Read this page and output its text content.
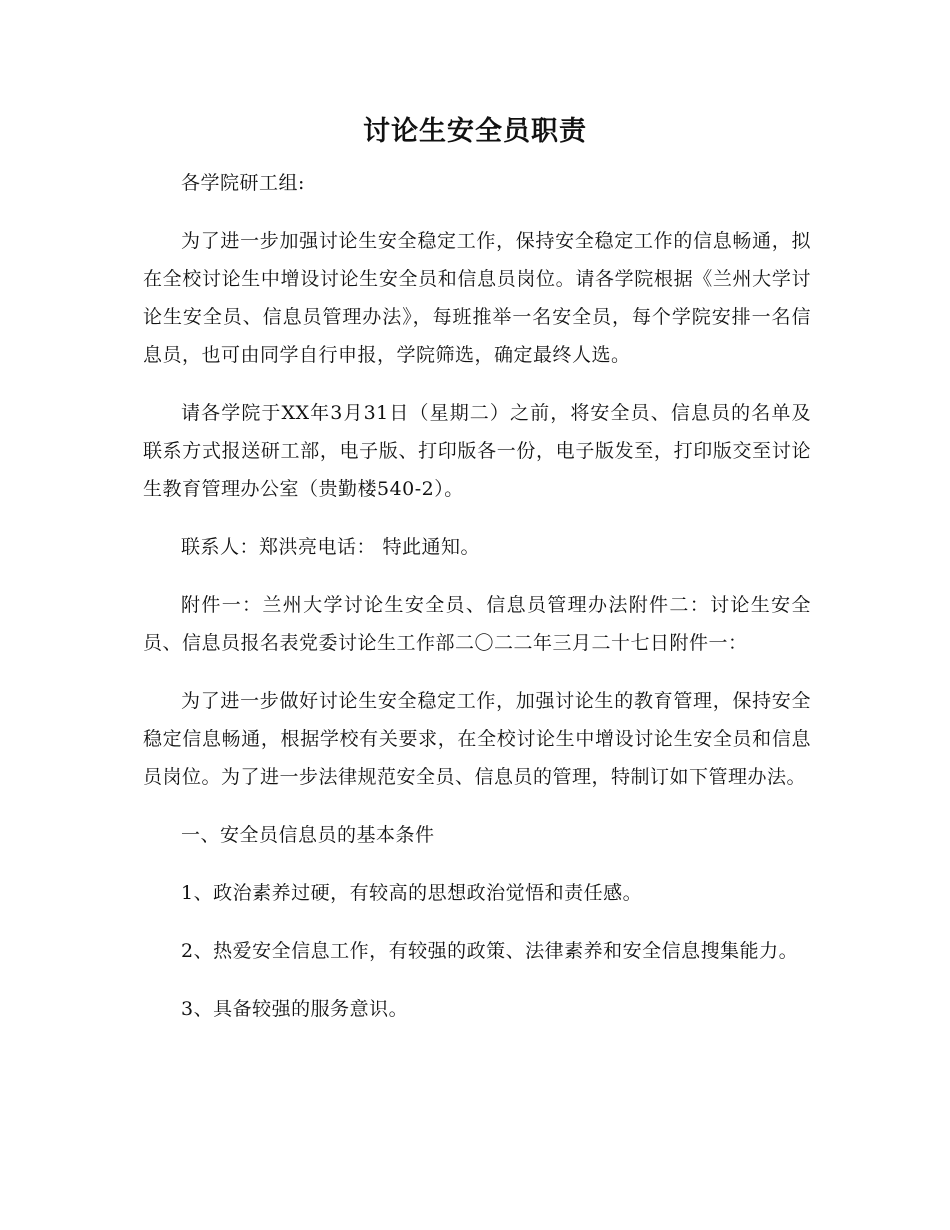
讨论生安全员职责

各学院研工组:

为了进一步加强讨论生安全稳定工作，保持安全稳定工作的信息畅通，拟在全校讨论生中增设讨论生安全员和信息员岗位。请各学院根据《兰州大学讨论生安全员、信息员管理办法》，每班推举一名安全员，每个学院安排一名信息员，也可由同学自行申报，学院筛选，确定最终人选。

请各学院于XX年3月31日（星期二）之前，将安全员、信息员的名单及联系方式报送研工部，电子版、打印版各一份，电子版发至，打印版交至讨论生教育管理办公室（贵勤楼540-2）。

联系人：郑洪亮电话： 特此通知。

附件一：兰州大学讨论生安全员、信息员管理办法附件二：讨论生安全员、信息员报名表党委讨论生工作部二〇二二年三月二十七日附件一：

为了进一步做好讨论生安全稳定工作，加强讨论生的教育管理，保持安全稳定信息畅通，根据学校有关要求，在全校讨论生中增设讨论生安全员和信息员岗位。为了进一步法律规范安全员、信息员的管理，特制订如下管理办法。

一、安全员信息员的基本条件

1、政治素养过硬，有较高的思想政治觉悟和责任感。

2、热爱安全信息工作，有较强的政策、法律素养和安全信息搜集能力。

3、具备较强的服务意识。
